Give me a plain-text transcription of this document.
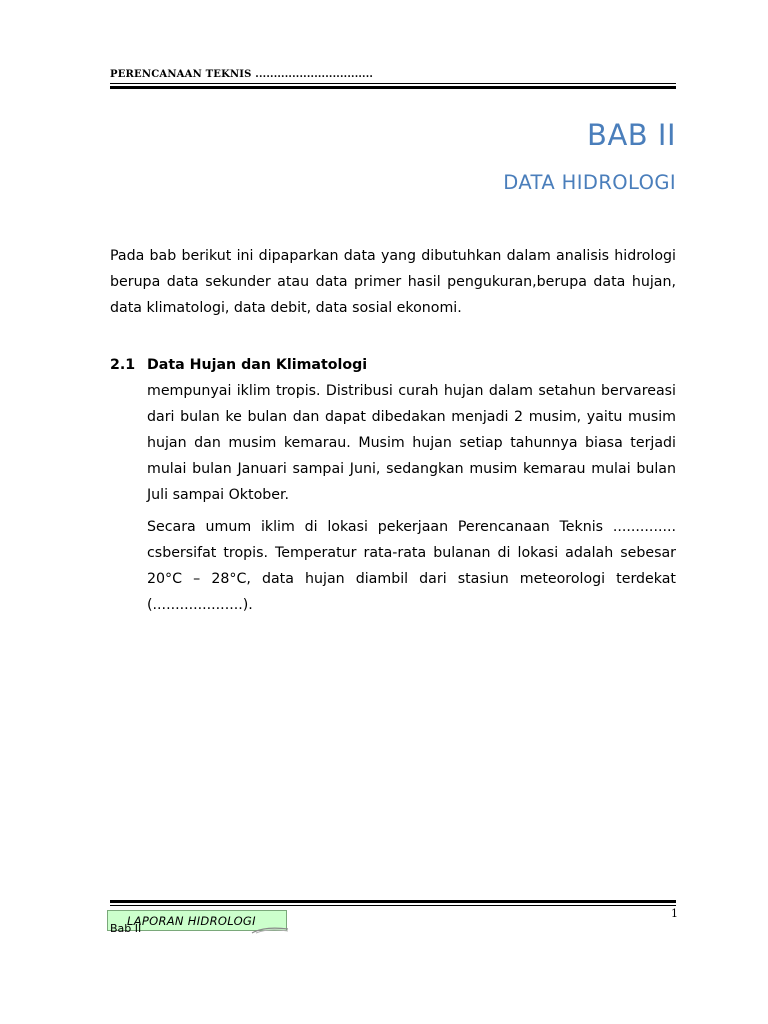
PERENCANAAN TEKNIS ................................
BAB II
DATA HIDROLOGI

Pada bab berikut ini dipaparkan data yang dibutuhkan dalam analisis hidrologi berupa data sekunder atau data primer hasil pengukuran,berupa data hujan, data klimatologi, data debit, data sosial ekonomi.

2.1 Data Hujan dan Klimatologi

mempunyai iklim tropis. Distribusi curah hujan dalam setahun bervareasi dari bulan ke bulan dan dapat dibedakan menjadi 2 musim, yaitu musim hujan dan musim kemarau. Musim hujan setiap tahunnya biasa terjadi mulai bulan Januari sampai Juni, sedangkan musim kemarau mulai bulan Juli sampai Oktober.

Secara umum iklim di lokasi pekerjaan Perencanaan Teknis .............. csbersifat tropis. Temperatur rata-rata bulanan di lokasi adalah sebesar 20°C – 28°C, data hujan diambil dari stasiun meteorologi terdekat (....................).

1
LAPORAN HIDROLOGI
Bab II
